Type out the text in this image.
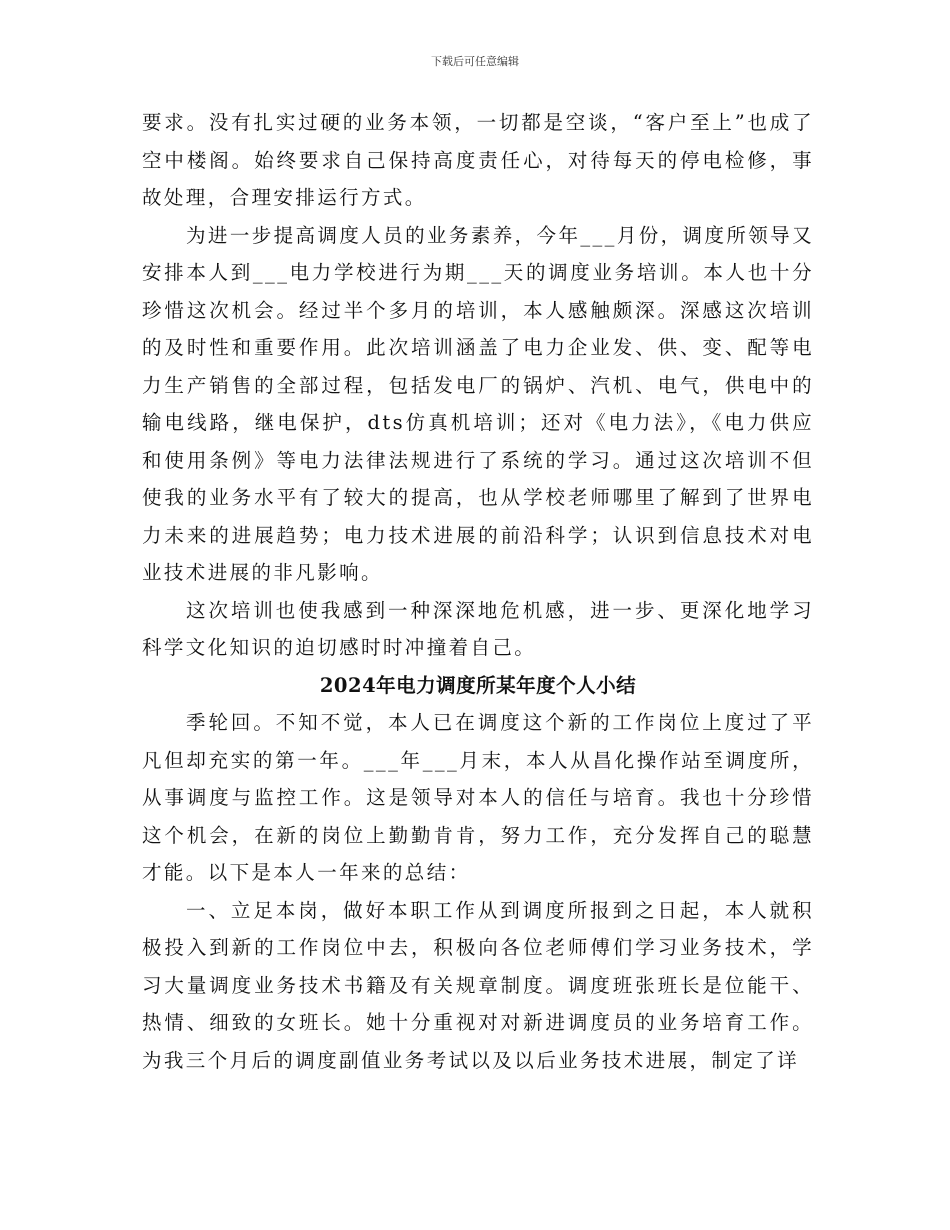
下载后可任意编辑

要求。没有扎实过硬的业务本领，一切都是空谈，“客户至上”也成了空中楼阁。始终要求自己保持高度责任心，对待每天的停电检修，事故处理，合理安排运行方式。

为进一步提高调度人员的业务素养，今年___月份，调度所领导又安排本人到___电力学校进行为期___天的调度业务培训。本人也十分珍惜这次机会。经过半个多月的培训，本人感触颇深。深感这次培训的及时性和重要作用。此次培训涵盖了电力企业发、供、变、配等电力生产销售的全部过程，包括发电厂的锅炉、汽机、电气，供电中的输电线路，继电保护，dts仿真机培训；还对《电力法》，《电力供应和使用条例》等电力法律法规进行了系统的学习。通过这次培训不但使我的业务水平有了较大的提高，也从学校老师哪里了解到了世界电力未来的进展趋势；电力技术进展的前沿科学；认识到信息技术对电业技术进展的非凡影响。

这次培训也使我感到一种深深地危机感，进一步、更深化地学习科学文化知识的迫切感时时冲撞着自己。

2024年电力调度所某年度个人小结

季轮回。不知不觉，本人已在调度这个新的工作岗位上度过了平凡但却充实的第一年。___年___月末，本人从昌化操作站至调度所，从事调度与监控工作。这是领导对本人的信任与培育。我也十分珍惜这个机会，在新的岗位上勤勤肯肯，努力工作，充分发挥自己的聪慧才能。以下是本人一年来的总结：

一、立足本岗，做好本职工作从到调度所报到之日起，本人就积极投入到新的工作岗位中去，积极向各位老师傅们学习业务技术，学习大量调度业务技术书籍及有关规章制度。调度班张班长是位能干、热情、细致的女班长。她十分重视对对新进调度员的业务培育工作。为我三个月后的调度副值业务考试以及以后业务技术进展，制定了详
